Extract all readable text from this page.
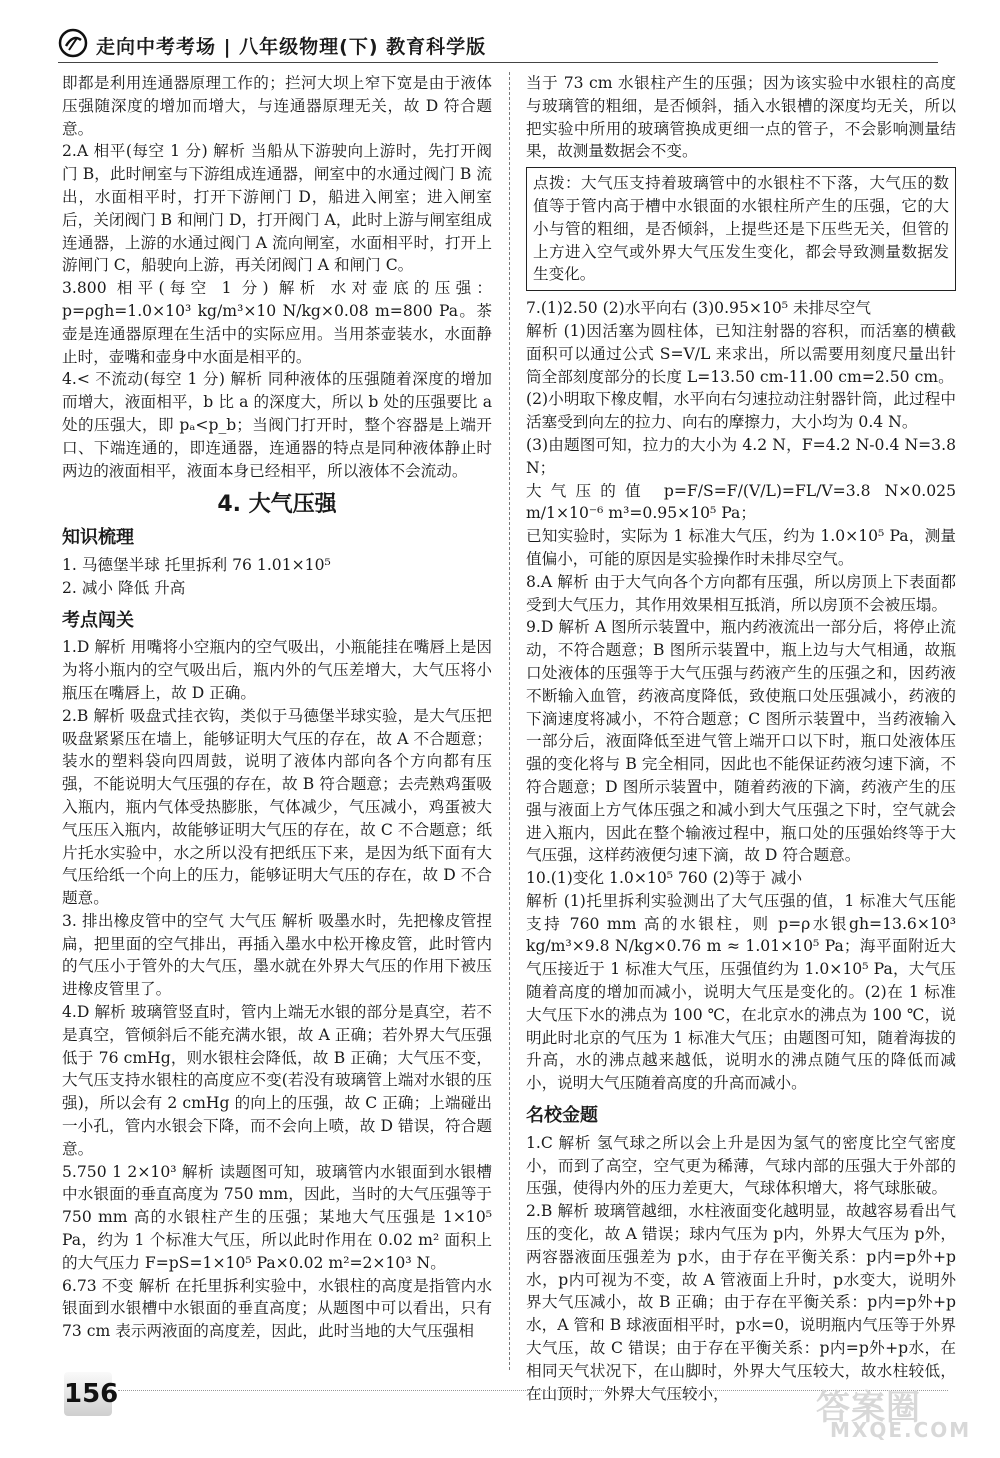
走向中考考场 | 八年级物理(下) 教育科学版
即都是利用连通器原理工作的；拦河大坝上窄下宽是由于液体压强随深度的增加而增大，与连通器原理无关，故 D 符合题意。
2.A 相平(每空 1 分) 解析 当船从下游驶向上游时，先打开阀门 B，此时闸室与下游组成连通器，闸室中的水通过阀门 B 流出，水面相平时，打开下游闸门 D，船进入闸室；进入闸室后，关闭阀门 B 和闸门 D，打开阀门 A，此时上游与闸室组成连通器，上游的水通过阀门 A 流向闸室，水面相平时，打开上游闸门 C，船驶向上游，再关闭阀门 A 和闸门 C。
3.800 相平(每空 1 分) 解析 水对壶底的压强：p=ρgh=1.0×10³ kg/m³×10 N/kg×0.08 m=800 Pa。茶壶是连通器原理在生活中的实际应用。当用茶壶装水，水面静止时，壶嘴和壶身中水面是相平的。
4.< 不流动(每空 1 分) 解析 同种液体的压强随着深度的增加而增大，液面相平，b 比 a 的深度大，所以 b 处的压强要比 a 处的压强大，即 pₐ<p_b；当阀门打开时，整个容器是上端开口、下端连通的，即连通器，连通器的特点是同种液体静止时两边的液面相平，液面本身已经相平，所以液体不会流动。
4. 大气压强
知识梳理
1. 马德堡半球 托里拆利 76 1.01×10⁵
2. 减小 降低 升高
考点闯关
1.D 解析 用嘴将小空瓶内的空气吸出，小瓶能挂在嘴唇上是因为将小瓶内的空气吸出后，瓶内外的气压差增大，大气压将小瓶压在嘴唇上，故 D 正确。
2.B 解析 吸盘式挂衣钩，类似于马德堡半球实验，是大气压把吸盘紧紧压在墙上，能够证明大气压的存在，故 A 不合题意；装水的塑料袋向四周鼓，说明了液体内部向各个方向都有压强，不能说明大气压强的存在，故 B 符合题意；去壳熟鸡蛋吸入瓶内，瓶内气体受热膨胀，气体减少，气压减小，鸡蛋被大气压压入瓶内，故能够证明大气压的存在，故 C 不合题意；纸片托水实验中，水之所以没有把纸压下来，是因为纸下面有大气压给纸一个向上的压力，能够证明大气压的存在，故 D 不合题意。
3. 排出橡皮管中的空气 大气压 解析 吸墨水时，先把橡皮管捏扁，把里面的空气排出，再插入墨水中松开橡皮管，此时管内的气压小于管外的大气压，墨水就在外界大气压的作用下被压进橡皮管里了。
4.D 解析 玻璃管竖直时，管内上端无水银的部分是真空，若不是真空，管倾斜后不能充满水银，故 A 正确；若外界大气压强低于 76 cmHg，则水银柱会降低，故 B 正确；大气压不变，大气压支持水银柱的高度应不变(若没有玻璃管上端对水银的压强)，所以会有 2 cmHg 的向上的压强，故 C 正确；上端碰出一小孔，管内水银会下降，而不会向上喷，故 D 错误，符合题意。
5.750 1 2×10³ 解析 读题图可知，玻璃管内水银面到水银槽中水银面的垂直高度为 750 mm，因此，当时的大气压强等于 750 mm 高的水银柱产生的压强；某地大气压强是 1×10⁵ Pa，约为 1 个标准大气压，所以此时作用在 0.02 m² 面积上的大气压力 F=pS=1×10⁵ Pa×0.02 m²=2×10³ N。
6.73 不变 解析 在托里拆利实验中，水银柱的高度是指管内水银面到水银槽中水银面的垂直高度；从题图中可以看出，只有 73 cm 表示两液面的高度差，因此，此时当地的大气压强相
当于 73 cm 水银柱产生的压强；因为该实验中水银柱的高度与玻璃管的粗细，是否倾斜，插入水银槽的深度均无关，所以把实验中所用的玻璃管换成更细一点的管子，不会影响测量结果，故测量数据会不变。
点拨：大气压支持着玻璃管中的水银柱不下落，大气压的数值等于管内高于槽中水银面的水银柱所产生的压强，它的大小与管的粗细，是否倾斜，上提些还是下压些无关，但管的上方进入空气或外界大气压发生变化，都会导致测量数据发生变化。
7.(1)2.50 (2)水平向右 (3)0.95×10⁵ 未排尽空气
解析 (1)因活塞为圆柱体，已知注射器的容积，而活塞的横截面积可以通过公式 S=V/L 来求出，所以需要用刻度尺量出针筒全部刻度部分的长度 L=13.50 cm-11.00 cm=2.50 cm。
(2)小明取下橡皮帽，水平向右匀速拉动注射器针筒，此过程中活塞受到向左的拉力、向右的摩擦力，大小均为 0.4 N。
(3)由题图可知，拉力的大小为 4.2 N，F=4.2 N-0.4 N=3.8 N；
大气压的值 p=F/S=F/(V/L)=FL/V=3.8 N×0.025 m/1×10⁻⁶ m³=0.95×10⁵ Pa；
已知实验时，实际为 1 标准大气压，约为 1.0×10⁵ Pa，测量值偏小，可能的原因是实验操作时未排尽空气。
8.A 解析 由于大气向各个方向都有压强，所以房顶上下表面都受到大气压力，其作用效果相互抵消，所以房顶不会被压塌。
9.D 解析 A 图所示装置中，瓶内药液流出一部分后，将停止流动，不符合题意；B 图所示装置中，瓶上边与大气相通，故瓶口处液体的压强等于大气压强与药液产生的压强之和，因药液不断输入血管，药液高度降低，致使瓶口处压强减小，药液的下滴速度将减小，不符合题意；C 图所示装置中，当药液输入一部分后，液面降低至进气管上端开口以下时，瓶口处液体压强的变化将与 B 完全相同，因此也不能保证药液匀速下滴，不符合题意；D 图所示装置中，随着药液的下滴，药液产生的压强与液面上方气体压强之和减小到大气压强之下时，空气就会进入瓶内，因此在整个输液过程中，瓶口处的压强始终等于大气压强，这样药液便匀速下滴，故 D 符合题意。
10.(1)变化 1.0×10⁵ 760 (2)等于 减小
解析 (1)托里拆利实验测出了大气压强的值，1 标准大气压能支持 760 mm 高的水银柱，则 p=ρ水银gh=13.6×10³ kg/m³×9.8 N/kg×0.76 m ≈ 1.01×10⁵ Pa；海平面附近大气压接近于 1 标准大气压，压强值约为 1.0×10⁵ Pa，大气压随着高度的增加而减小，说明大气压是变化的。(2)在 1 标准大气压下水的沸点为 100 ℃，在北京水的沸点为 100 ℃，说明此时北京的气压为 1 标准大气压；由题图可知，随着海拔的升高，水的沸点越来越低，说明水的沸点随气压的降低而减小，说明大气压随着高度的升高而减小。
名校金题
1.C 解析 氢气球之所以会上升是因为氢气的密度比空气密度小，而到了高空，空气更为稀薄，气球内部的压强大于外部的压强，使得内外的压力差更大，气球体积增大，将气球胀破。
2.B 解析 玻璃管越细，水柱液面变化越明显，故越容易看出气压的变化，故 A 错误；球内气压为 p内，外界大气压为 p外，两容器液面压强差为 p水，由于存在平衡关系：p内=p外+p水，p内可视为不变，故 A 管液面上升时，p水变大，说明外界大气压减小，故 B 正确；由于存在平衡关系：p内=p外+p水，A 管和 B 球液面相平时，p水=0，说明瓶内气压等于外界大气压，故 C 错误；由于存在平衡关系：p内=p外+p水，在相同天气状况下，在山脚时，外界大气压较大，故水柱较低，在山顶时，外界大气压较小，
156	答案圈
MXQE.COM
